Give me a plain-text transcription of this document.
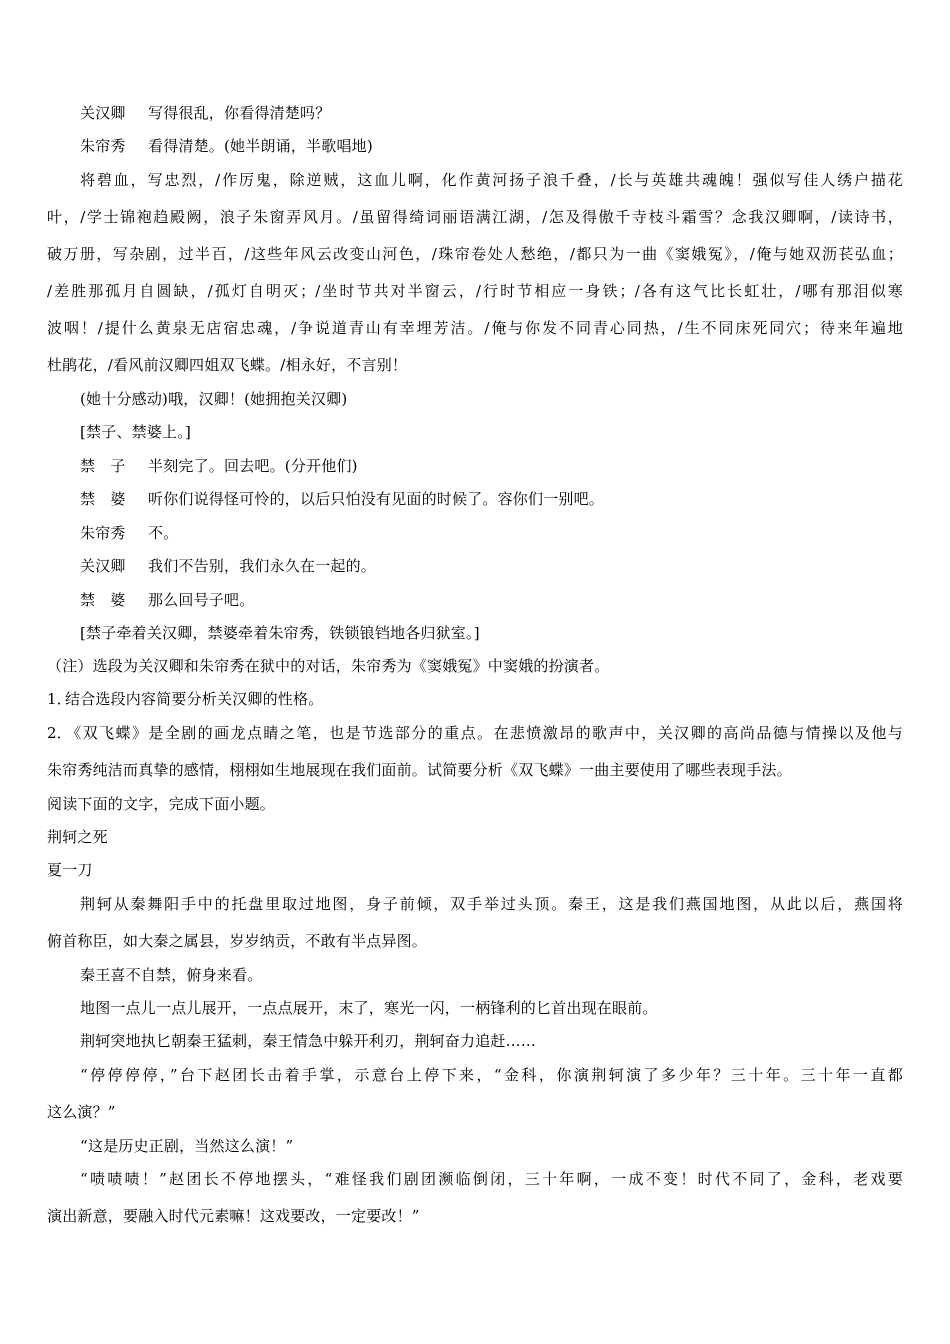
关汉卿 写得很乱，你看得清楚吗？
朱帘秀 看得清楚。(她半朗诵，半歌唱地)
将碧血，写忠烈，/作厉鬼，除逆贼，这血儿啊，化作黄河扬子浪千叠，/长与英雄共魂魄！强似写佳人绣户描花
叶，/学士锦袍趋殿阙，浪子朱窗弄风月。/虽留得绮词丽语满江湖，/怎及得傲千寺枝斗霜雪？念我汉卿啊，/读诗书，
破万册，写杂剧，过半百，/这些年风云改变山河色，/珠帘卷处人愁绝，/都只为一曲《窦娥冤》，/俺与她双沥苌弘血；
/差胜那孤月自圆缺，/孤灯自明灭；/坐时节共对半窗云，/行时节相应一身铁；/各有这气比长虹壮，/哪有那泪似寒
波咽！/提什么黄泉无店宿忠魂，/争说道青山有幸埋芳洁。/俺与你发不同青心同热，/生不同床死同穴；待来年遍地
杜鹃花，/看风前汉卿四姐双飞蝶。/相永好，不言别！
(她十分感动)哦，汉卿！(她拥抱关汉卿)
[禁子、禁婆上。]
禁　子 半刻完了。回去吧。(分开他们)
禁　婆 听你们说得怪可怜的，以后只怕没有见面的时候了。容你们一别吧。
朱帘秀 不。
关汉卿 我们不告别，我们永久在一起的。
禁　婆 那么回号子吧。
[禁子牵着关汉卿，禁婆牵着朱帘秀，铁锁锒铛地各归狱室。]
（注）选段为关汉卿和朱帘秀在狱中的对话，朱帘秀为《窦娥冤》中窦娥的扮演者。
1．结合选段内容简要分析关汉卿的性格。
2．《双飞蝶》是全剧的画龙点睛之笔，也是节选部分的重点。在悲愤激昂的歌声中，关汉卿的高尚品德与情操以及他与
朱帘秀纯洁而真挚的感情，栩栩如生地展现在我们面前。试简要分析《双飞蝶》一曲主要使用了哪些表现手法。
阅读下面的文字，完成下面小题。
荆轲之死
夏一刀
荆轲从秦舞阳手中的托盘里取过地图，身子前倾，双手举过头顶。秦王，这是我们燕国地图，从此以后，燕国将
俯首称臣，如大秦之属县，岁岁纳贡，不敢有半点异图。
秦王喜不自禁，俯身来看。
地图一点儿一点儿展开，一点点展开，末了，寒光一闪，一柄锋利的匕首出现在眼前。
荆轲突地执匕朝秦王猛刺，秦王情急中躲开利刃，荆轲奋力追赶……
“停停停停，”台下赵团长击着手掌，示意台上停下来，“金科，你演荆轲演了多少年？三十年。三十年一直都
这么演？”
“这是历史正剧，当然这么演！”
“啧啧啧！”赵团长不停地摆头，“难怪我们剧团濒临倒闭，三十年啊，一成不变！时代不同了，金科，老戏要
演出新意，要融入时代元素嘛！这戏要改，一定要改！”
